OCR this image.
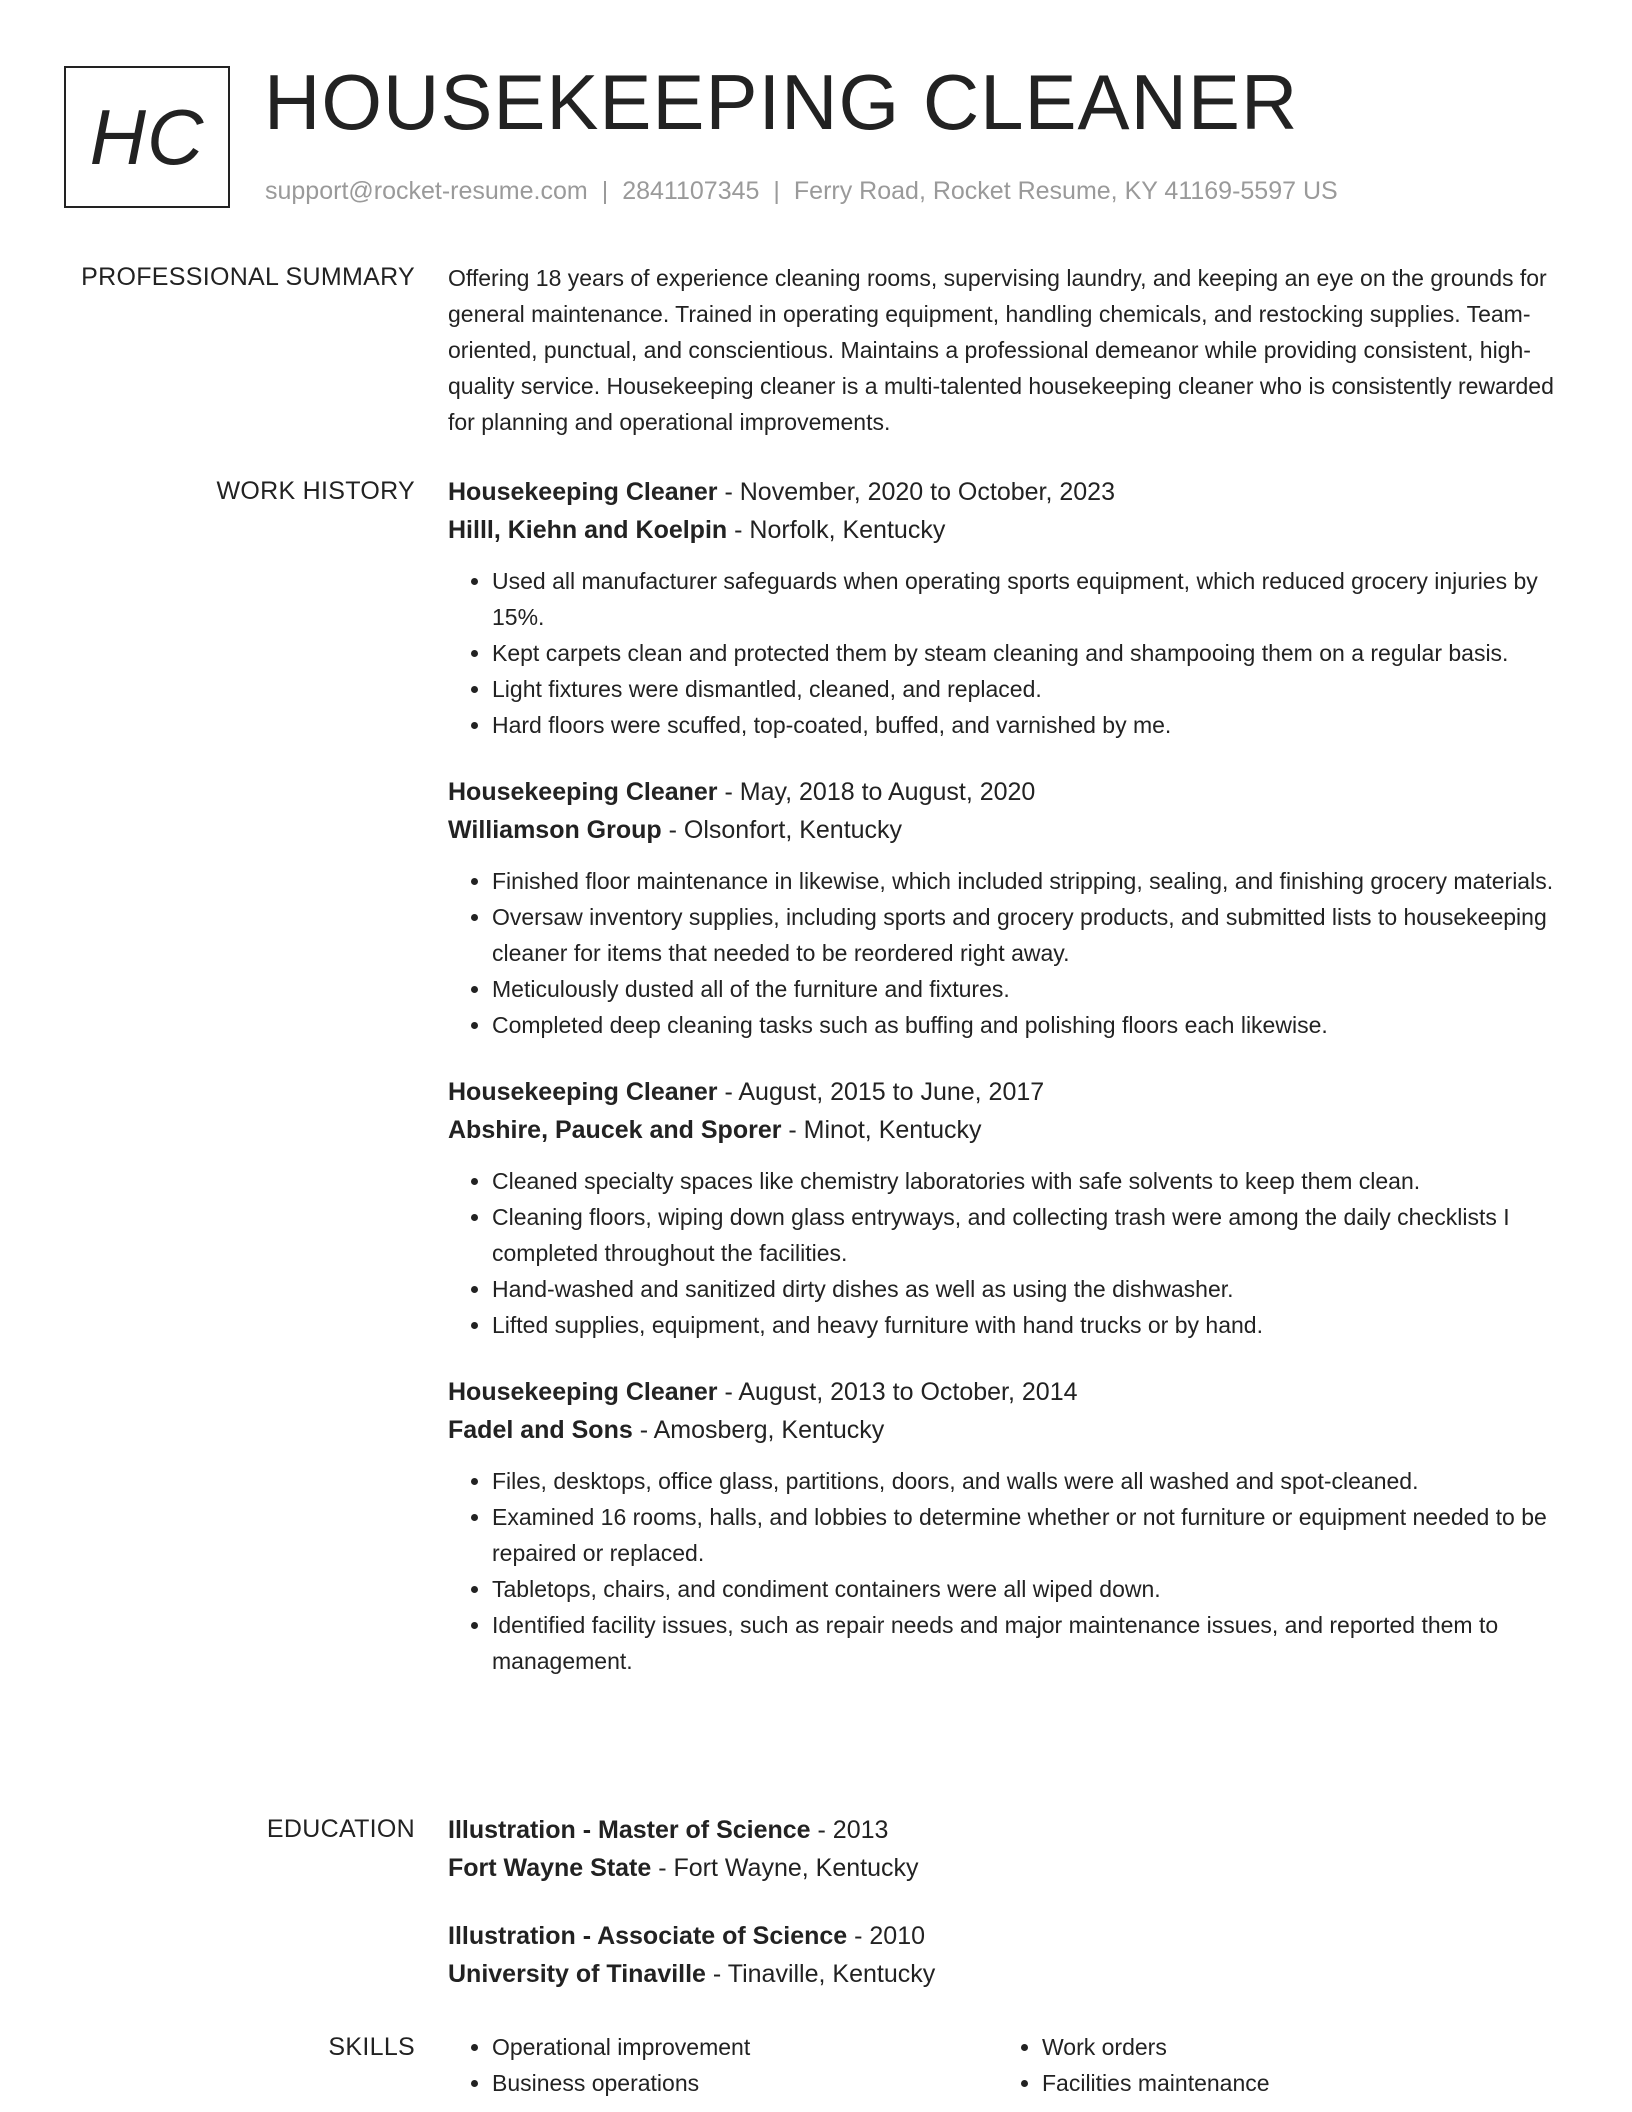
HC HOUSEKEEPING CLEANER
support@rocket-resume.com | 2841107345 | Ferry Road, Rocket Resume, KY 41169-5597 US
PROFESSIONAL SUMMARY Offering 18 years of experience cleaning rooms, supervising laundry, and keeping an eye on the grounds for general maintenance. Trained in operating equipment, handling chemicals, and restocking supplies. Team-oriented, punctual, and conscientious. Maintains a professional demeanor while providing consistent, high-quality service. Housekeeping cleaner is a multi-talented housekeeping cleaner who is consistently rewarded for planning and operational improvements.

WORK HISTORY Housekeeping Cleaner - November, 2020 to October, 2023
Hilll, Kiehn and Koelpin - Norfolk, Kentucky
• Used all manufacturer safeguards when operating sports equipment, which reduced grocery injuries by 15%.
• Kept carpets clean and protected them by steam cleaning and shampooing them on a regular basis.
• Light fixtures were dismantled, cleaned, and replaced.
• Hard floors were scuffed, top-coated, buffed, and varnished by me.
Housekeeping Cleaner - May, 2018 to August, 2020
Williamson Group - Olsonfort, Kentucky
• Finished floor maintenance in likewise, which included stripping, sealing, and finishing grocery materials.
• Oversaw inventory supplies, including sports and grocery products, and submitted lists to housekeeping cleaner for items that needed to be reordered right away.
• Meticulously dusted all of the furniture and fixtures.
• Completed deep cleaning tasks such as buffing and polishing floors each likewise.
Housekeeping Cleaner - August, 2015 to June, 2017
Abshire, Paucek and Sporer - Minot, Kentucky
• Cleaned specialty spaces like chemistry laboratories with safe solvents to keep them clean.
• Cleaning floors, wiping down glass entryways, and collecting trash were among the daily checklists I completed throughout the facilities.
• Hand-washed and sanitized dirty dishes as well as using the dishwasher.
• Lifted supplies, equipment, and heavy furniture with hand trucks or by hand.
Housekeeping Cleaner - August, 2013 to October, 2014
Fadel and Sons - Amosberg, Kentucky
• Files, desktops, office glass, partitions, doors, and walls were all washed and spot-cleaned.
• Examined 16 rooms, halls, and lobbies to determine whether or not furniture or equipment needed to be repaired or replaced.
• Tabletops, chairs, and condiment containers were all wiped down.
• Identified facility issues, such as repair needs and major maintenance issues, and reported them to management.
EDUCATION Illustration - Master of Science - 2013
Fort Wayne State - Fort Wayne, Kentucky
Illustration - Associate of Science - 2010
University of Tinaville - Tinaville, Kentucky
SKILLS
•	Operational improvement
• Business operations
• Work orders
• Facilities maintenance
